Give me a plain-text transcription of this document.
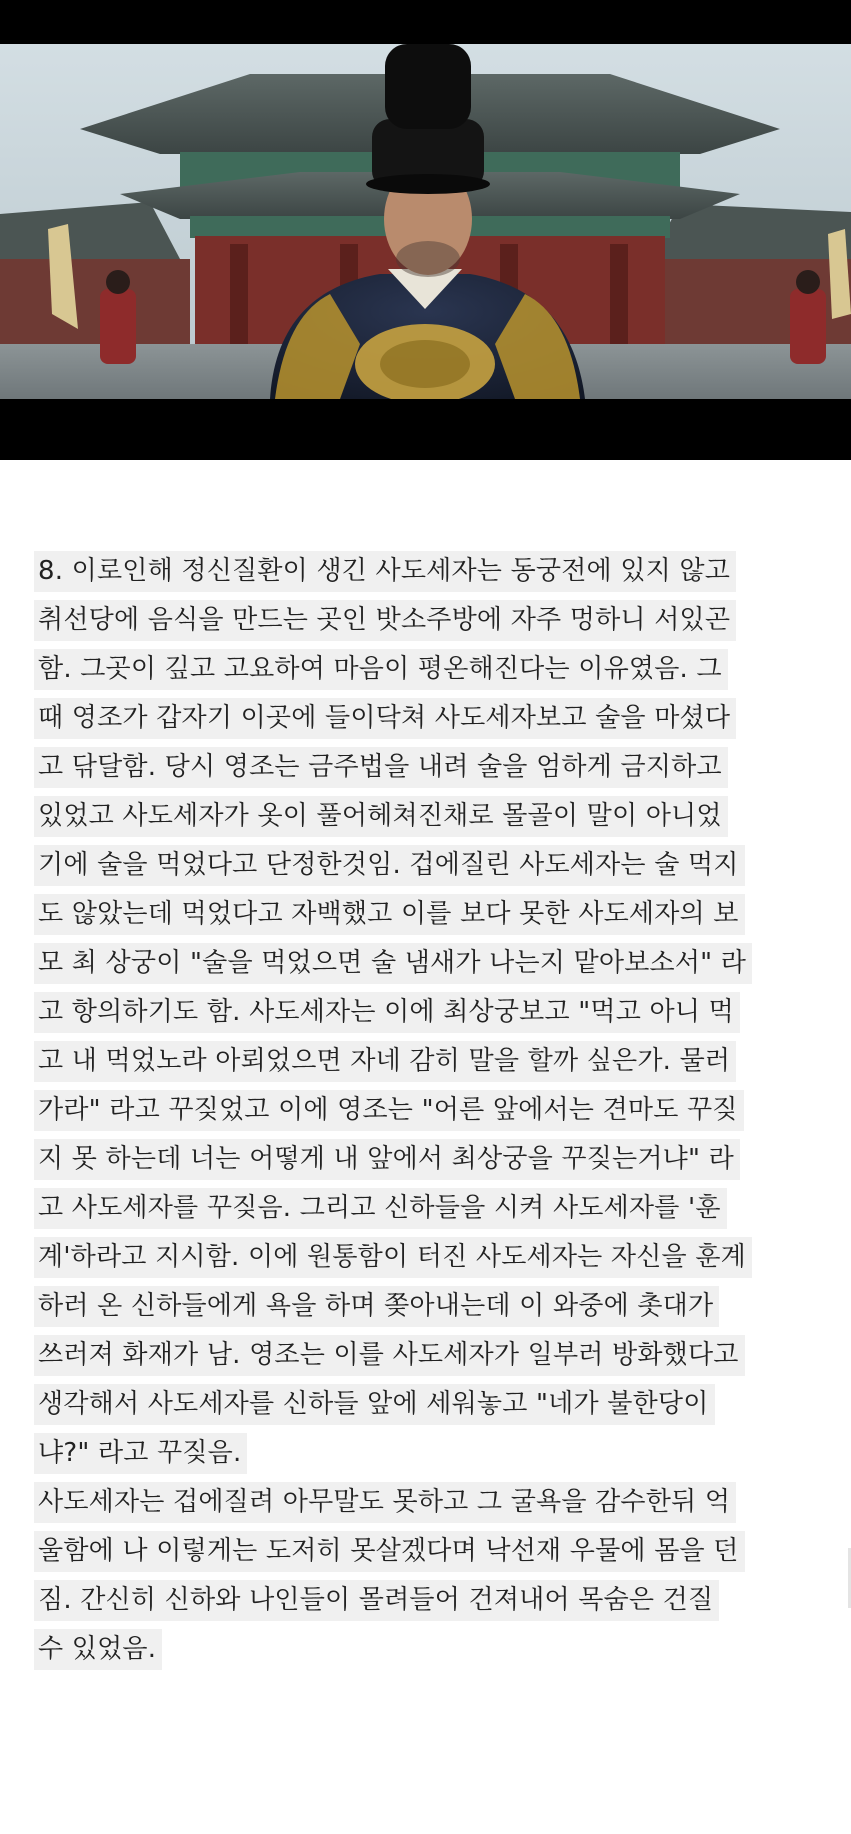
8. 이로인해 정신질환이 생긴 사도세자는 동궁전에 있지 않고
취선당에 음식을 만드는 곳인 밧소주방에 자주 멍하니 서있곤
함. 그곳이 깊고 고요하여 마음이 평온해진다는 이유였음. 그
때 영조가 갑자기 이곳에 들이닥쳐 사도세자보고 술을 마셨다
고 닦달함. 당시 영조는 금주법을 내려 술을 엄하게 금지하고
있었고 사도세자가 옷이 풀어헤쳐진채로 몰골이 말이 아니었
기에 술을 먹었다고 단정한것임. 겁에질린 사도세자는 술 먹지
도 않았는데 먹었다고 자백했고 이를 보다 못한 사도세자의 보
모 최 상궁이 "술을 먹었으면 술 냄새가 나는지 맡아보소서" 라
고 항의하기도 함. 사도세자는 이에 최상궁보고 "먹고 아니 먹
고 내 먹었노라 아뢰었으면 자네 감히 말을 할까 싶은가. 물러
가라" 라고 꾸짖었고 이에 영조는 "어른 앞에서는 견마도 꾸짖
지 못 하는데 너는 어떻게 내 앞에서 최상궁을 꾸짖는거냐" 라
고 사도세자를 꾸짖음. 그리고 신하들을 시켜 사도세자를 '훈
계'하라고 지시함. 이에 원통함이 터진 사도세자는 자신을 훈계
하러 온 신하들에게 욕을 하며 쫒아내는데 이 와중에 촛대가
쓰러져 화재가 남. 영조는 이를 사도세자가 일부러 방화했다고
생각해서 사도세자를 신하들 앞에 세워놓고 "네가 불한당이
냐?" 라고 꾸짖음.
사도세자는 겁에질려 아무말도 못하고 그 굴욕을 감수한뒤 억
울함에 나 이렇게는 도저히 못살겠다며 낙선재 우물에 몸을 던
짐. 간신히 신하와 나인들이 몰려들어 건져내어 목숨은 건질
수 있었음.
